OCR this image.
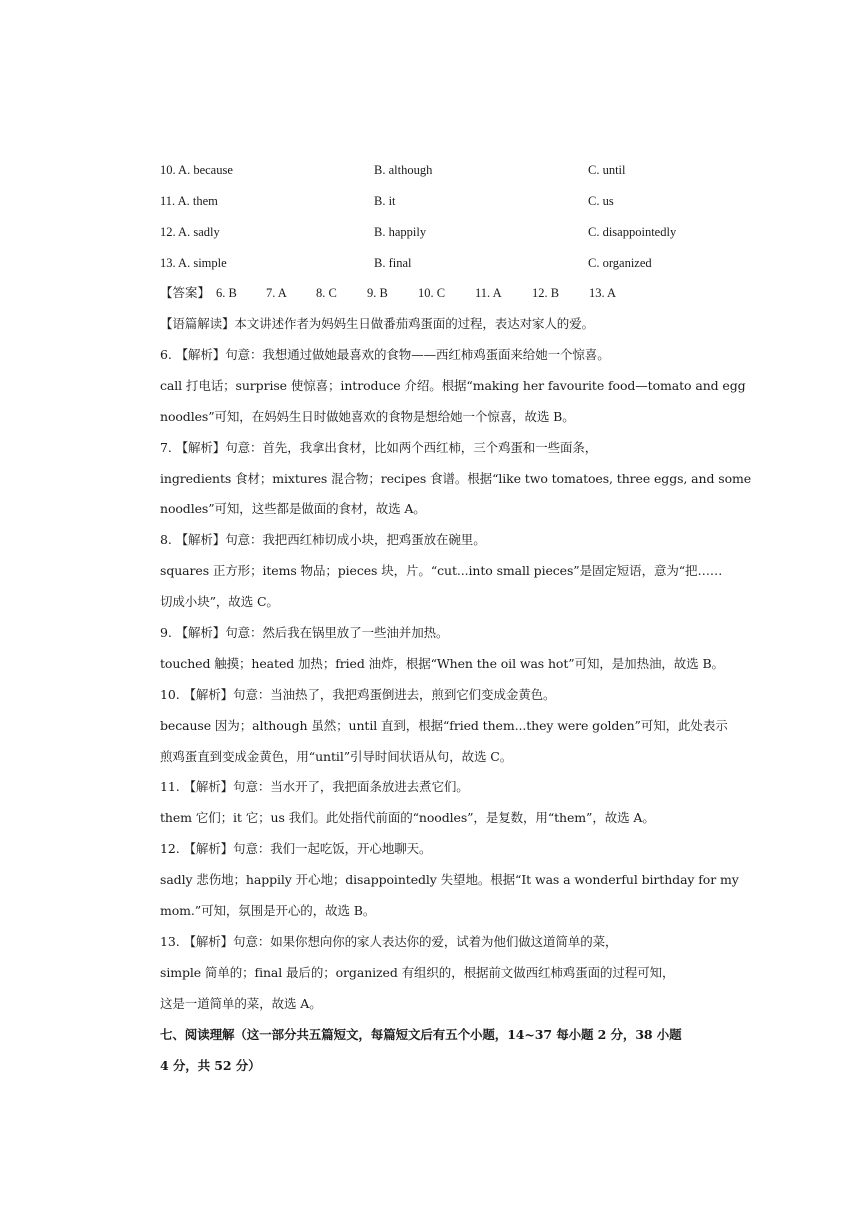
10. A. because	B. although	C. until
11. A. them	B. it	C. us
12. A. sadly	B. happily	C. disappointedly
13. A. simple	B. final	C. organized
【答案】 6. B 7. A 8. C 9. B 10. C 11. A 12. B 13. A
【语篇解读】本文讲述作者为妈妈生日做番茄鸡蛋面的过程，表达对家人的爱。
6. 【解析】句意：我想通过做她最喜欢的食物——西红柿鸡蛋面来给她一个惊喜。
call 打电话；surprise 使惊喜；introduce 介绍。根据“making her favourite food—tomato and egg
noodles”可知，在妈妈生日时做她喜欢的食物是想给她一个惊喜，故选 B。
7. 【解析】句意：首先，我拿出食材，比如两个西红柿，三个鸡蛋和一些面条，
ingredients 食材；mixtures 混合物；recipes 食谱。根据“like two tomatoes, three eggs, and some
noodles”可知，这些都是做面的食材，故选 A。
8. 【解析】句意：我把西红柿切成小块，把鸡蛋放在碗里。
squares 正方形；items 物品；pieces 块，片。“cut...into small pieces”是固定短语，意为“把……
切成小块”，故选 C。
9. 【解析】句意：然后我在锅里放了一些油并加热。
touched 触摸；heated 加热；fried 油炸，根据“When the oil was hot”可知，是加热油，故选 B。
10. 【解析】句意：当油热了，我把鸡蛋倒进去，煎到它们变成金黄色。
because 因为；although 虽然；until 直到，根据“fried them...they were golden”可知，此处表示
煎鸡蛋直到变成金黄色，用“until”引导时间状语从句，故选 C。
11. 【解析】句意：当水开了，我把面条放进去煮它们。
them 它们；it 它；us 我们。此处指代前面的“noodles”，是复数，用“them”，故选 A。
12. 【解析】句意：我们一起吃饭，开心地聊天。
sadly 悲伤地；happily 开心地；disappointedly 失望地。根据“It was a wonderful birthday for my
mom.”可知，氛围是开心的，故选 B。
13. 【解析】句意：如果你想向你的家人表达你的爱，试着为他们做这道简单的菜，
simple 简单的；final 最后的；organized 有组织的，根据前文做西红柿鸡蛋面的过程可知，
这是一道简单的菜，故选 A。
七、阅读理解（这一部分共五篇短文，每篇短文后有五个小题，14~37 每小题 2 分，38 小题
4 分，共 52 分）
